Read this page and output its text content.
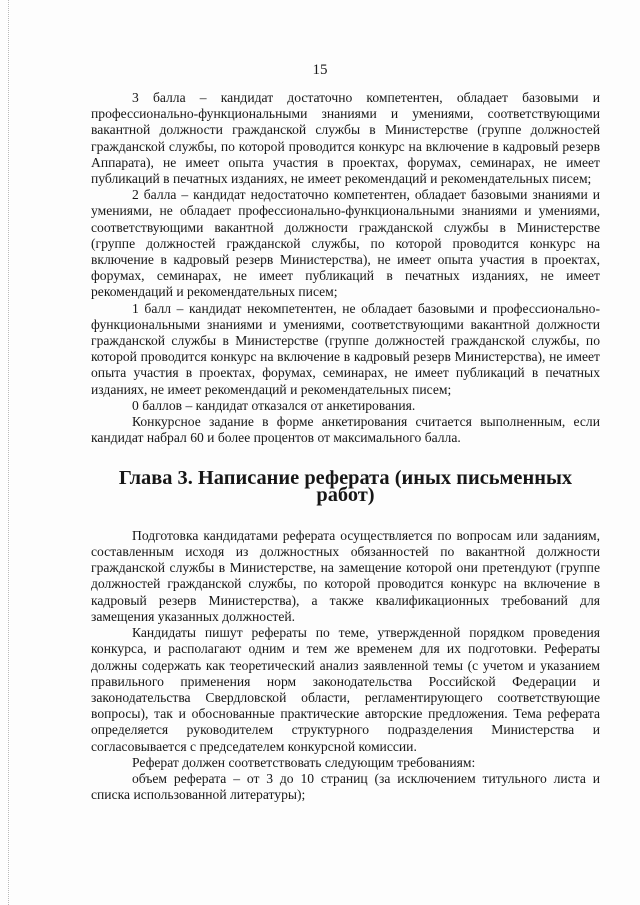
15

3 балла – кандидат достаточно компетентен, обладает базовыми и профессионально-функциональными знаниями и умениями, соответствующими вакантной должности гражданской службы в Министерстве (группе должностей гражданской службы, по которой проводится конкурс на включение в кадровый резерв Аппарата), не имеет опыта участия в проектах, форумах, семинарах, не имеет публикаций в печатных изданиях, не имеет рекомендаций и рекомендательных писем;

2 балла – кандидат недостаточно компетентен, обладает базовыми знаниями и умениями, не обладает профессионально-функциональными знаниями и умениями, соответствующими вакантной должности гражданской службы в Министерстве (группе должностей гражданской службы, по которой проводится конкурс на включение в кадровый резерв Министерства), не имеет опыта участия в проектах, форумах, семинарах, не имеет публикаций в печатных изданиях, не имеет рекомендаций и рекомендательных писем;

1 балл – кандидат некомпетентен, не обладает базовыми и профессионально-функциональными знаниями и умениями, соответствующими вакантной должности гражданской службы в Министерстве (группе должностей гражданской службы, по которой проводится конкурс на включение в кадровый резерв Министерства), не имеет опыта участия в проектах, форумах, семинарах, не имеет публикаций в печатных изданиях, не имеет рекомендаций и рекомендательных писем;

0 баллов – кандидат отказался от анкетирования.

Конкурсное задание в форме анкетирования считается выполненным, если кандидат набрал 60 и более процентов от максимального балла.

Глава 3. Написание реферата (иных письменных работ)

Подготовка кандидатами реферата осуществляется по вопросам или заданиям, составленным исходя из должностных обязанностей по вакантной должности гражданской службы в Министерстве, на замещение которой они претендуют (группе должностей гражданской службы, по которой проводится конкурс на включение в кадровый резерв Министерства), а также квалификационных требований для замещения указанных должностей.

Кандидаты пишут рефераты по теме, утвержденной порядком проведения конкурса, и располагают одним и тем же временем для их подготовки. Рефераты должны содержать как теоретический анализ заявленной темы (с учетом и указанием правильного применения норм законодательства Российской Федерации и законодательства Свердловской области, регламентирующего соответствующие вопросы), так и обоснованные практические авторские предложения. Тема реферата определяется руководителем структурного подразделения Министерства и согласовывается с председателем конкурсной комиссии.

Реферат должен соответствовать следующим требованиям:

объем реферата – от 3 до 10 страниц (за исключением титульного листа и списка использованной литературы);
